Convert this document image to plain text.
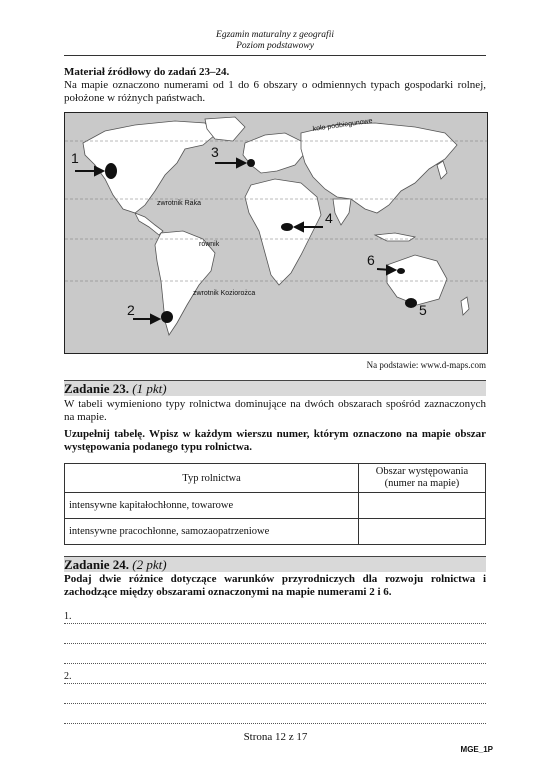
Egzamin maturalny z geografii
Poziom podstawowy
Materiał źródłowy do zadań 23–24.
Na mapie oznaczono numerami od 1 do 6 obszary o odmiennych typach gospodarki rolnej, położone w różnych państwach.
koło podbiegunowe
zwrotnik Raka
równik
zwrotnik Koziorożca
1
2
3
4
5
6
Na podstawie: www.d-maps.com
Zadanie 23. (1 pkt)
W tabeli wymieniono typy rolnictwa dominujące na dwóch obszarach spośród zaznaczonych na mapie.
Uzupełnij tabelę. Wpisz w każdym wierszu numer, którym oznaczono na mapie obszar występowania podanego typu rolnictwa.
Typ rolnictwa	Obszar występowania
(numer na mapie)

intensywne kapitałochłonne, towarowe	
intensywne pracochłonne, samozaopatrzeniowe	
Zadanie 24. (2 pkt)
Podaj dwie różnice dotyczące warunków przyrodniczych dla rozwoju rolnictwa i zachodzące między obszarami oznaczonymi na mapie numerami 2 i 6.
1.
2.
Strona 12 z 17
MGE_1P
